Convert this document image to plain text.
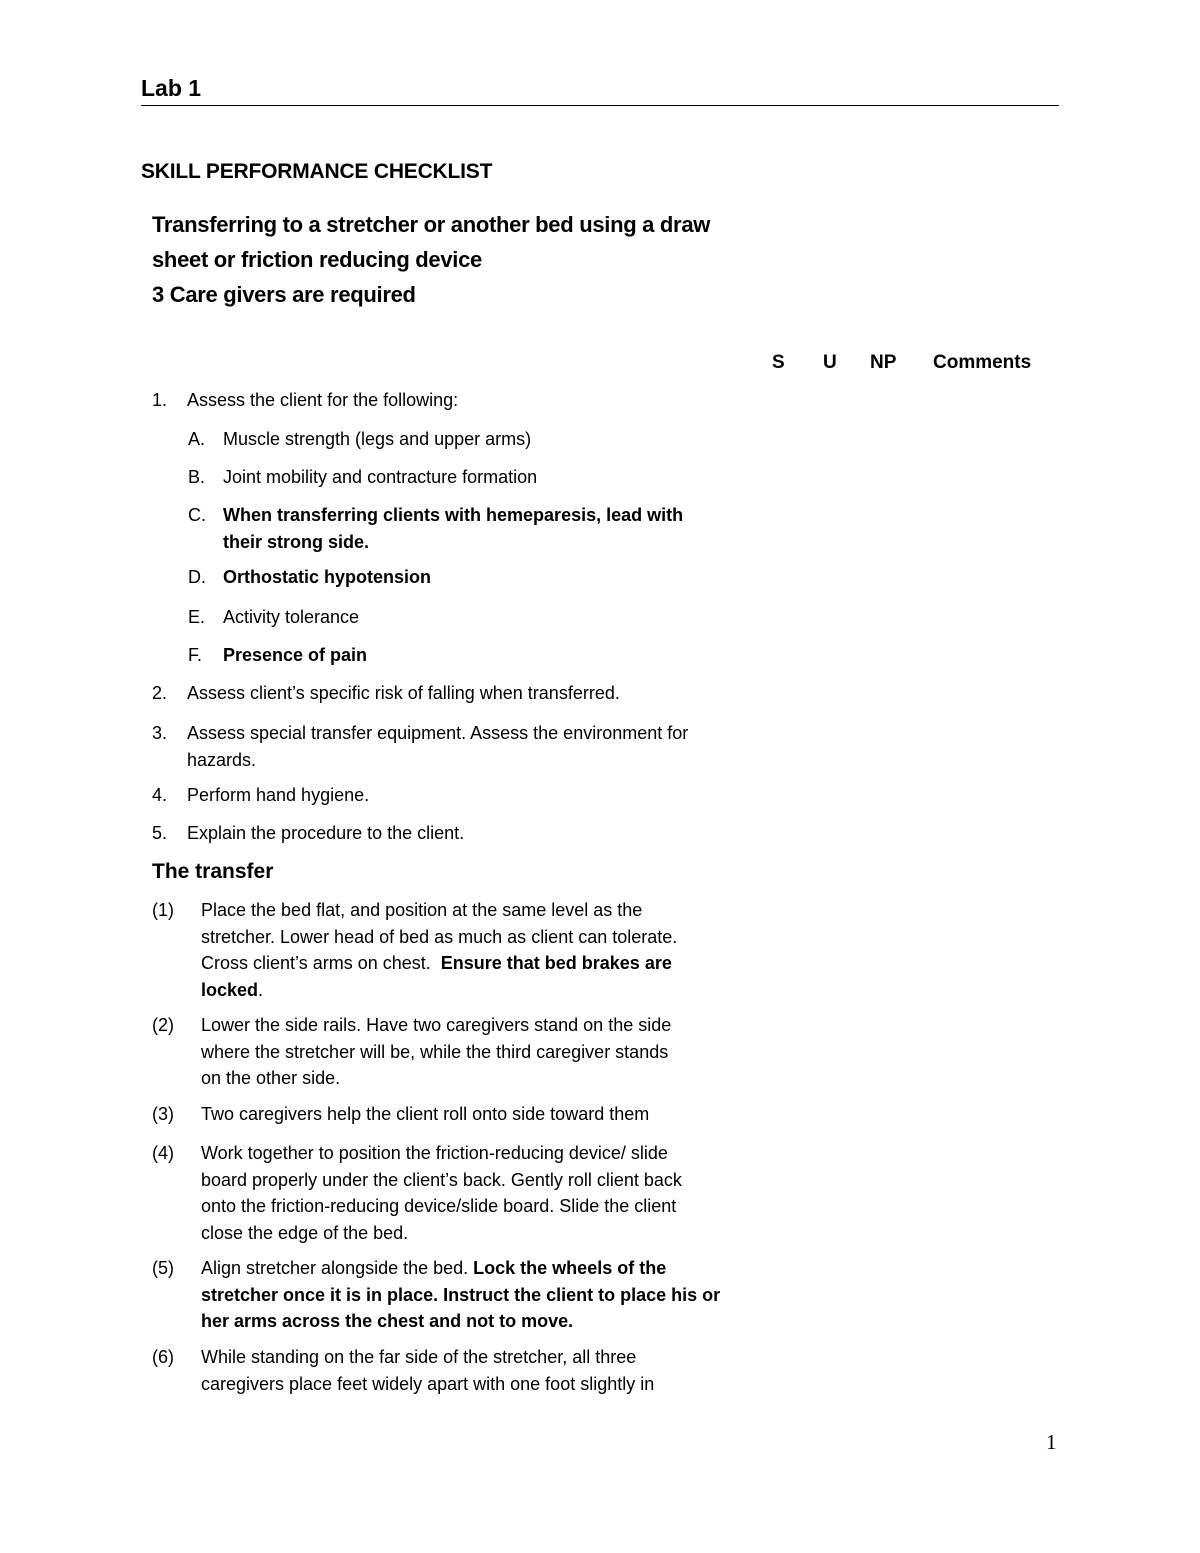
Lab 1
SKILL PERFORMANCE CHECKLIST
Transferring to a stretcher or another bed using a draw
sheet or friction reducing device
3 Care givers are required
S U NP Comments
1. Assess the client for the following:
A. Muscle strength (legs and upper arms)
B. Joint mobility and contracture formation
C. When transferring clients with hemeparesis, lead with
their strong side.
D. Orthostatic hypotension
E. Activity tolerance
F. Presence of pain
2. Assess client’s specific risk of falling when transferred.
3. Assess special transfer equipment. Assess the environment for
hazards.
4. Perform hand hygiene.
5. Explain the procedure to the client.
The transfer
(1) Place the bed flat, and position at the same level as the
stretcher. Lower head of bed as much as client can tolerate.
Cross client’s arms on chest.  Ensure that bed brakes are
locked.
(2) Lower the side rails. Have two caregivers stand on the side
where the stretcher will be, while the third caregiver stands
on the other side.
(3) Two caregivers help the client roll onto side toward them
(4) Work together to position the friction-reducing device/ slide
board properly under the client’s back. Gently roll client back
onto the friction-reducing device/slide board. Slide the client
close the edge of the bed.
(5) Align stretcher alongside the bed. Lock the wheels of the
stretcher once it is in place. Instruct the client to place his or
her arms across the chest and not to move.
(6) While standing on the far side of the stretcher, all three
caregivers place feet widely apart with one foot slightly in
1
